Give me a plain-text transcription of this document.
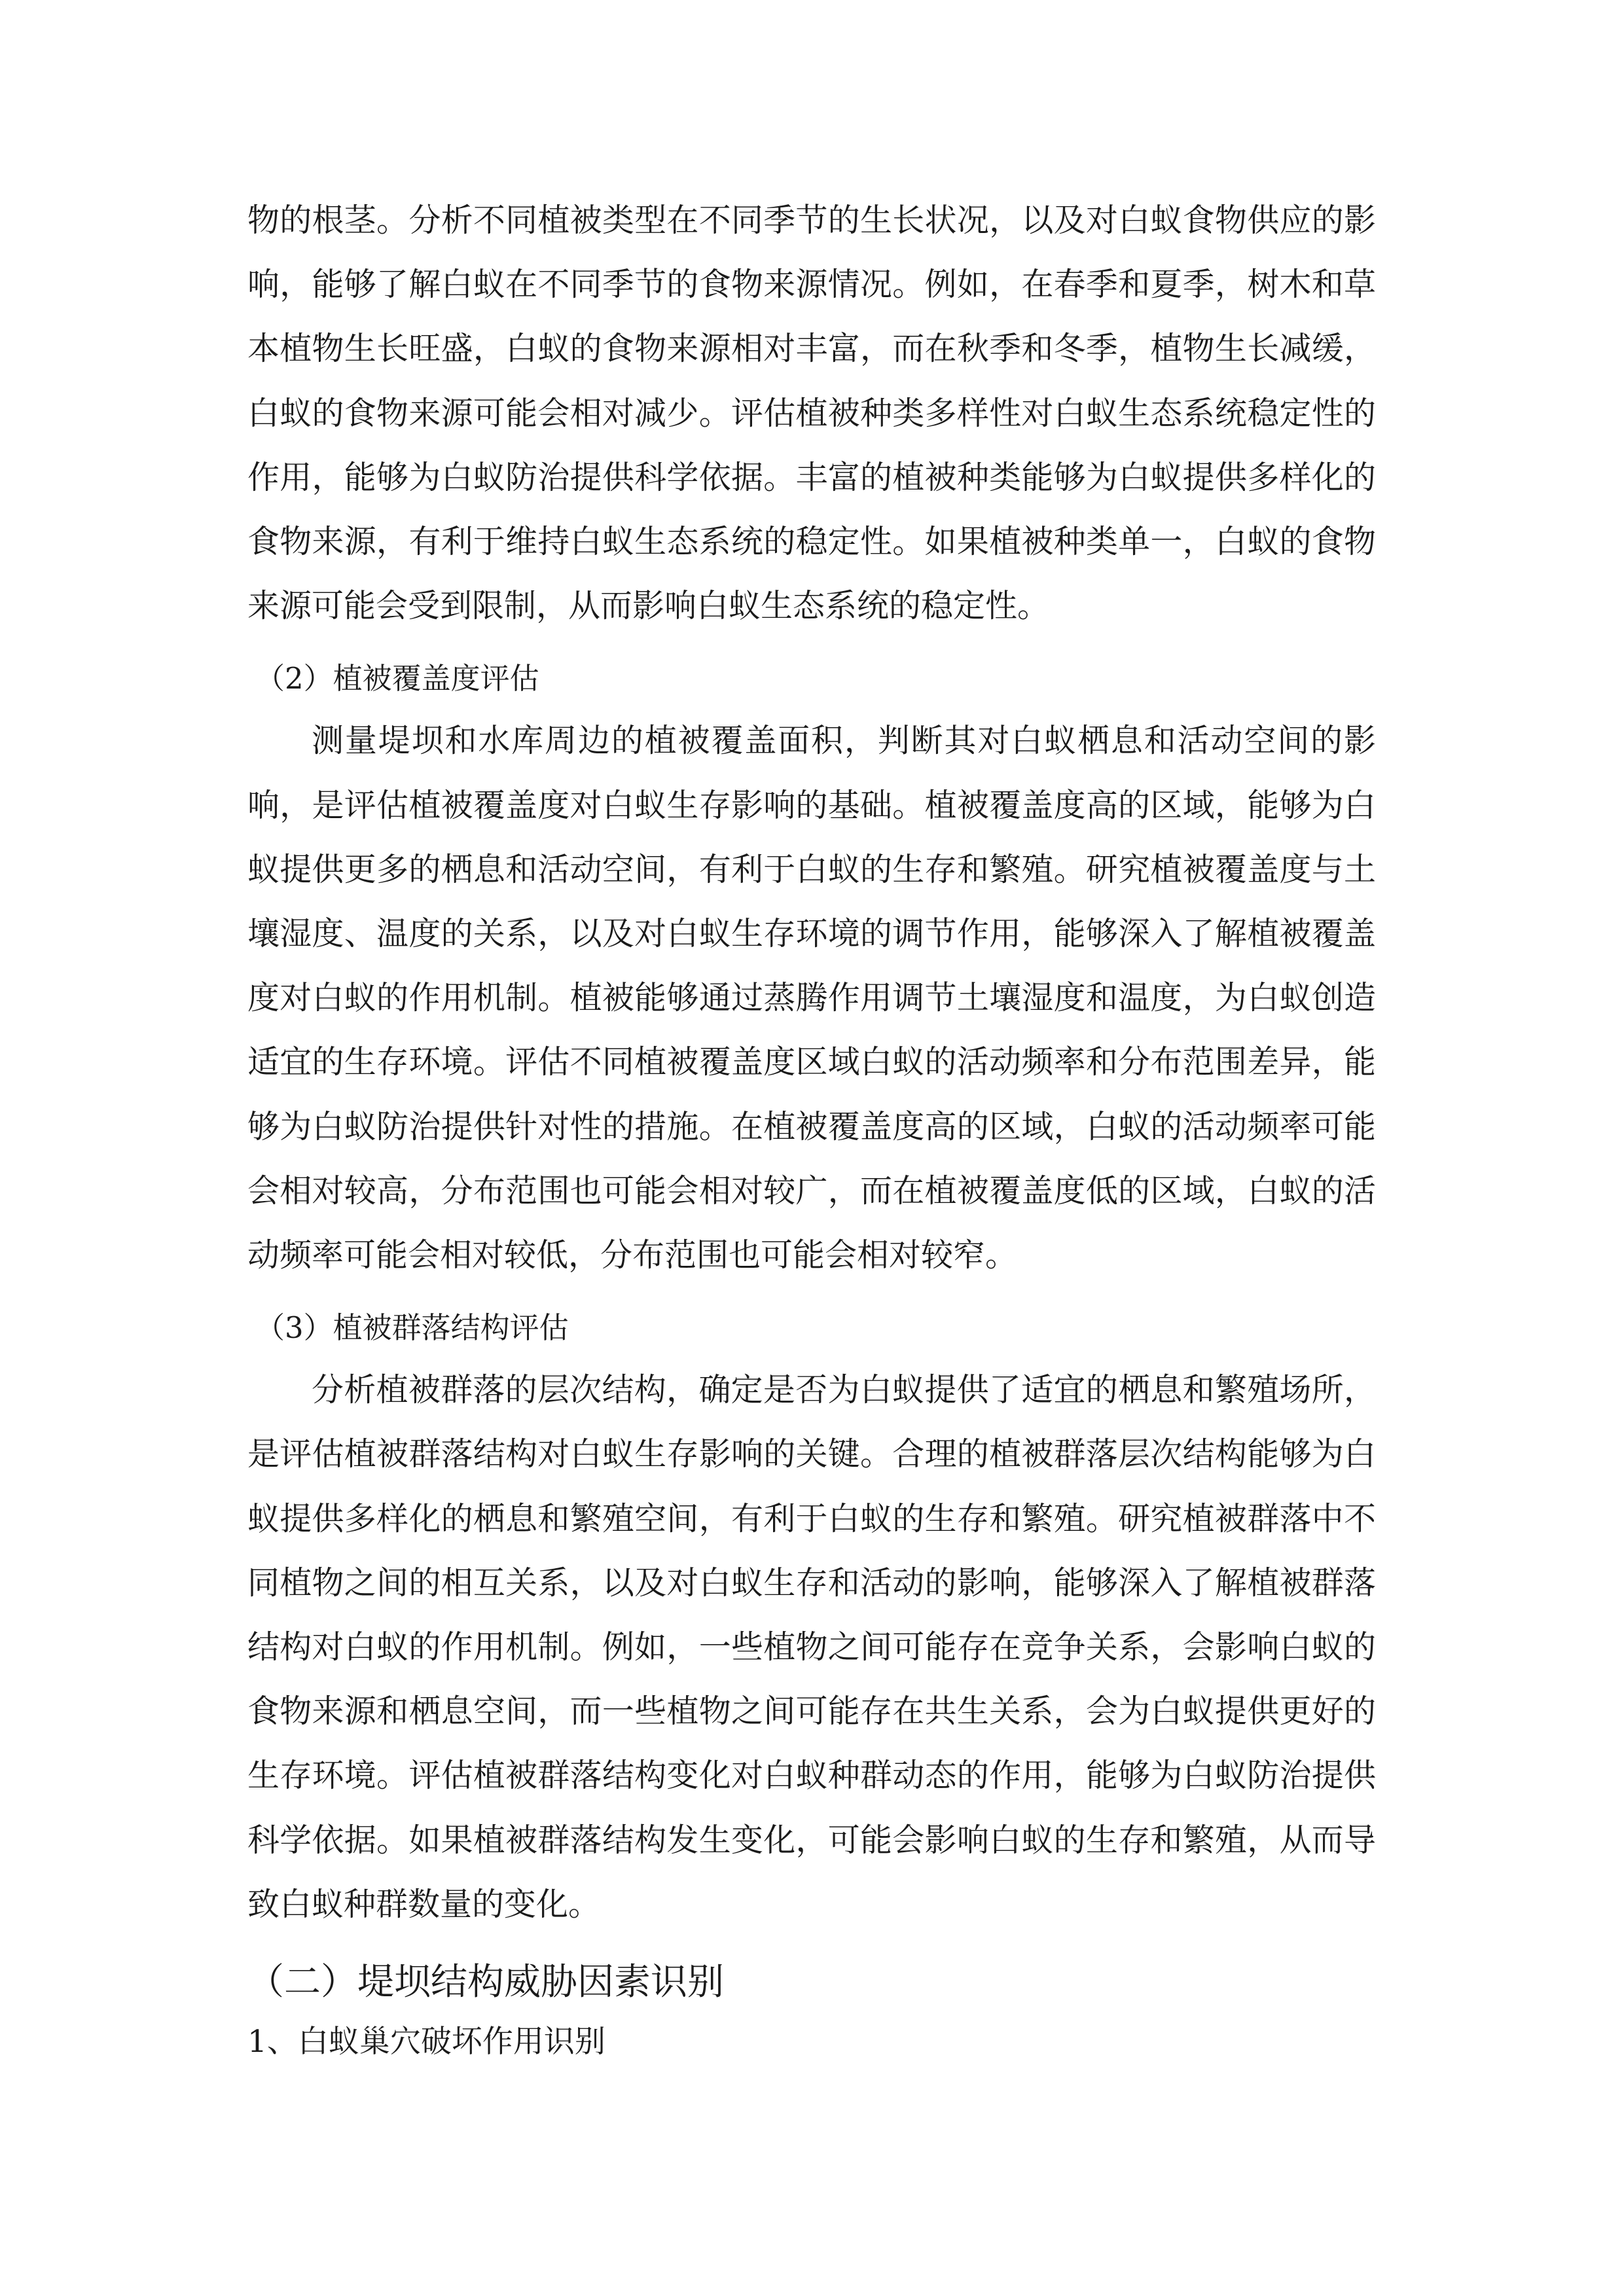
物的根茎。分析不同植被类型在不同季节的生长状况，以及对白蚁食物供应的影响，能够了解白蚁在不同季节的食物来源情况。例如，在春季和夏季，树木和草本植物生长旺盛，白蚁的食物来源相对丰富，而在秋季和冬季，植物生长减缓，白蚁的食物来源可能会相对减少。评估植被种类多样性对白蚁生态系统稳定性的作用，能够为白蚁防治提供科学依据。丰富的植被种类能够为白蚁提供多样化的食物来源，有利于维持白蚁生态系统的稳定性。如果植被种类单一，白蚁的食物来源可能会受到限制，从而影响白蚁生态系统的稳定性。

（2）植被覆盖度评估

测量堤坝和水库周边的植被覆盖面积，判断其对白蚁栖息和活动空间的影响，是评估植被覆盖度对白蚁生存影响的基础。植被覆盖度高的区域，能够为白蚁提供更多的栖息和活动空间，有利于白蚁的生存和繁殖。研究植被覆盖度与土壤湿度、温度的关系，以及对白蚁生存环境的调节作用，能够深入了解植被覆盖度对白蚁的作用机制。植被能够通过蒸腾作用调节土壤湿度和温度，为白蚁创造适宜的生存环境。评估不同植被覆盖度区域白蚁的活动频率和分布范围差异，能够为白蚁防治提供针对性的措施。在植被覆盖度高的区域，白蚁的活动频率可能会相对较高，分布范围也可能会相对较广，而在植被覆盖度低的区域，白蚁的活动频率可能会相对较低，分布范围也可能会相对较窄。

（3）植被群落结构评估

分析植被群落的层次结构，确定是否为白蚁提供了适宜的栖息和繁殖场所，是评估植被群落结构对白蚁生存影响的关键。合理的植被群落层次结构能够为白蚁提供多样化的栖息和繁殖空间，有利于白蚁的生存和繁殖。研究植被群落中不同植物之间的相互关系，以及对白蚁生存和活动的影响，能够深入了解植被群落结构对白蚁的作用机制。例如，一些植物之间可能存在竞争关系，会影响白蚁的食物来源和栖息空间，而一些植物之间可能存在共生关系，会为白蚁提供更好的生存环境。评估植被群落结构变化对白蚁种群动态的作用，能够为白蚁防治提供科学依据。如果植被群落结构发生变化，可能会影响白蚁的生存和繁殖，从而导致白蚁种群数量的变化。

（二）堤坝结构威胁因素识别

1、白蚁巢穴破坏作用识别
